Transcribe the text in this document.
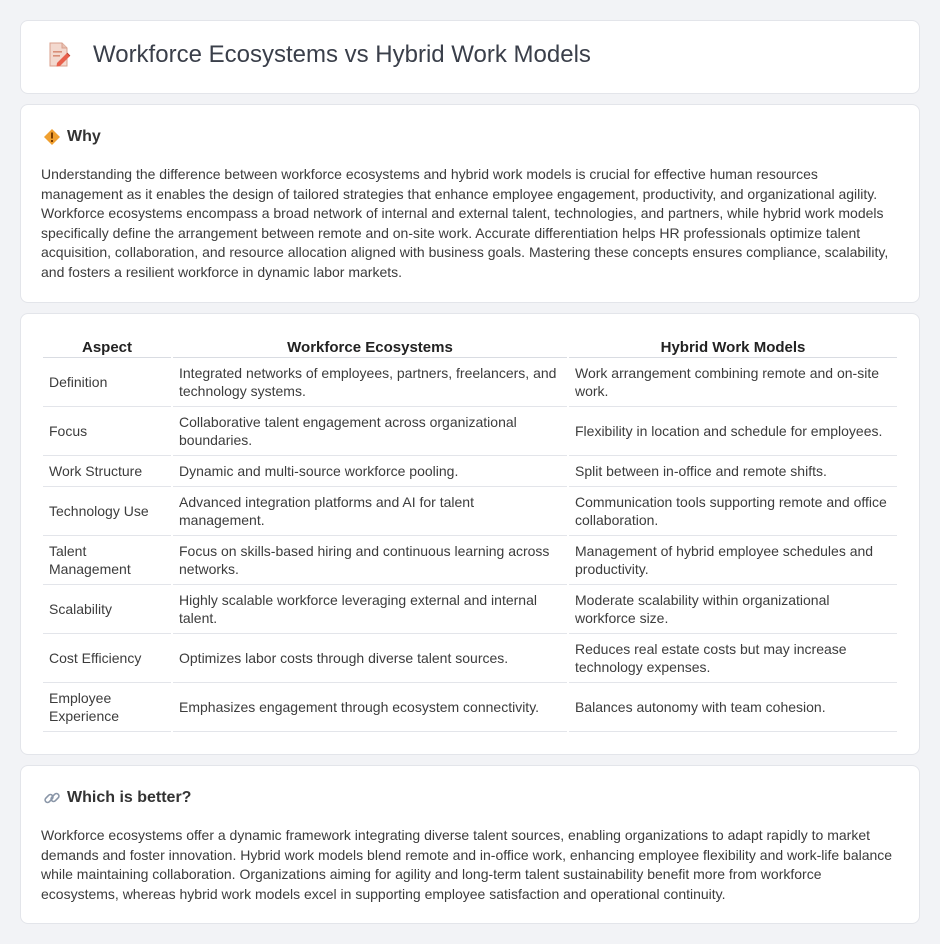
Workforce Ecosystems vs Hybrid Work Models
Why

Understanding the difference between workforce ecosystems and hybrid work models is crucial for effective human resources management as it enables the design of tailored strategies that enhance employee engagement, productivity, and organizational agility. Workforce ecosystems encompass a broad network of internal and external talent, technologies, and partners, while hybrid work models specifically define the arrangement between remote and on-site work. Accurate differentiation helps HR professionals optimize talent acquisition, collaboration, and resource allocation aligned with business goals. Mastering these concepts ensures compliance, scalability, and fosters a resilient workforce in dynamic labor markets.

Aspect	Workforce Ecosystems	Hybrid Work Models
Definition	Integrated networks of employees, partners, freelancers, and technology systems.	Work arrangement combining remote and on-site work.
Focus	Collaborative talent engagement across organizational boundaries.	Flexibility in location and schedule for employees.
Work Structure	Dynamic and multi-source workforce pooling.	Split between in-office and remote shifts.
Technology Use	Advanced integration platforms and AI for talent management.	Communication tools supporting remote and office collaboration.
Talent Management	Focus on skills-based hiring and continuous learning across networks.	Management of hybrid employee schedules and productivity.
Scalability	Highly scalable workforce leveraging external and internal talent.	Moderate scalability within organizational workforce size.
Cost Efficiency	Optimizes labor costs through diverse talent sources.	Reduces real estate costs but may increase technology expenses.
Employee Experience	Emphasizes engagement through ecosystem connectivity.	Balances autonomy with team cohesion.
Which is better?

Workforce ecosystems offer a dynamic framework integrating diverse talent sources, enabling organizations to adapt rapidly to market demands and foster innovation. Hybrid work models blend remote and in-office work, enhancing employee flexibility and work-life balance while maintaining collaboration. Organizations aiming for agility and long-term talent sustainability benefit more from workforce ecosystems, whereas hybrid work models excel in supporting employee satisfaction and operational continuity.
